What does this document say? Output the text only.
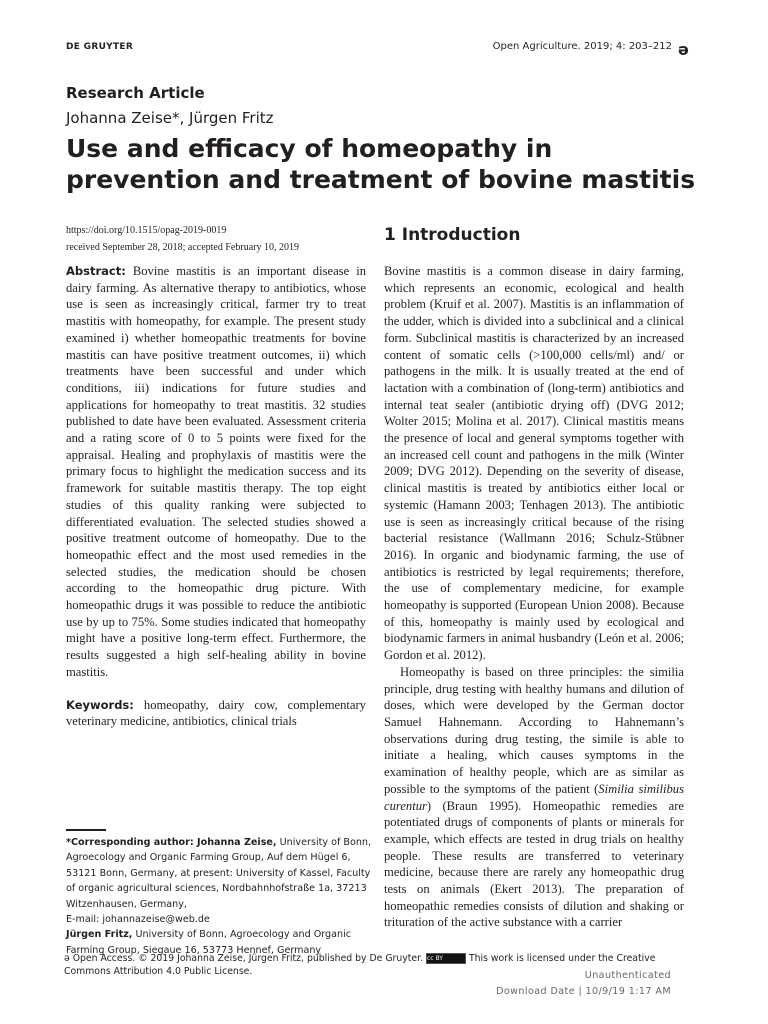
DE GRUYTER	Open Agriculture. 2019; 4: 203–212 ə
Research Article
Johanna Zeise*, Jürgen Fritz
Use and efficacy of homeopathy in prevention and treatment of bovine mastitis
https://doi.org/10.1515/opag-2019-0019
received September 28, 2018; accepted February 10, 2019

Abstract: Bovine mastitis is an important disease in dairy farming. As alternative therapy to antibiotics, whose use is seen as increasingly critical, farmer try to treat mastitis with homeopathy, for example. The present study examined i) whether homeopathic treatments for bovine mastitis can have positive treatment outcomes, ii) which treatments have been successful and under which conditions, iii) indications for future studies and applications for homeopathy to treat mastitis. 32 studies published to date have been evaluated. Assessment criteria and a rating score of 0 to 5 points were fixed for the appraisal. Healing and prophylaxis of mastitis were the primary focus to highlight the medication success and its framework for suitable mastitis therapy. The top eight studies of this quality ranking were subjected to differentiated evaluation. The selected studies showed a positive treatment outcome of homeopathy. Due to the homeopathic effect and the most used remedies in the selected studies, the medication should be chosen according to the homeopathic drug picture. With homeopathic drugs it was possible to reduce the antibiotic use by up to 75%. Some studies indicated that homeopathy might have a positive long-term effect. Furthermore, the results suggested a high self-healing ability in bovine mastitis.

Keywords: homeopathy, dairy cow, complementary veterinary medicine, antibiotics, clinical trials

*Corresponding author: Johanna Zeise, University of Bonn, Agroecology and Organic Farming Group, Auf dem Hügel 6, 53121 Bonn, Germany, at present: University of Kassel, Faculty of organic agricultural sciences, Nordbahnhofstraße 1a, 37213 Witzenhausen, Germany,
E-mail: johannazeise@web.de
Jürgen Fritz, University of Bonn, Agroecology and Organic Farming Group, Siegaue 16, 53773 Hennef, Germany
1 Introduction

Bovine mastitis is a common disease in dairy farming, which represents an economic, ecological and health problem (Kruif et al. 2007). Mastitis is an inflammation of the udder, which is divided into a subclinical and a clinical form. Subclinical mastitis is characterized by an increased content of somatic cells (>100,000 cells/ml) and/ or pathogens in the milk. It is usually treated at the end of lactation with a combination of (long-term) antibiotics and internal teat sealer (antibiotic drying off) (DVG 2012; Wolter 2015; Molina et al. 2017). Clinical mastitis means the presence of local and general symptoms together with an increased cell count and pathogens in the milk (Winter 2009; DVG 2012). Depending on the severity of disease, clinical mastitis is treated by antibiotics either local or systemic (Hamann 2003; Tenhagen 2013). The antibiotic use is seen as increasingly critical because of the rising bacterial resistance (Wallmann 2016; Schulz-Stübner 2016). In organic and biodynamic farming, the use of antibiotics is restricted by legal requirements; therefore, the use of complementary medicine, for example homeopathy is supported (European Union 2008). Because of this, homeopathy is mainly used by ecological and biodynamic farmers in animal husbandry (León et al. 2006; Gordon et al. 2012).

Homeopathy is based on three principles: the similia principle, drug testing with healthy humans and dilution of doses, which were developed by the German doctor Samuel Hahnemann. According to Hahnemann’s observations during drug testing, the simile is able to initiate a healing, which causes symptoms in the examination of healthy people, which are as similar as possible to the symptoms of the patient (Similia similibus curentur) (Braun 1995). Homeopathic remedies are potentiated drugs of components of plants or minerals for example, which effects are tested in drug trials on healthy people. These results are transferred to veterinary medicine, because there are rarely any homeopathic drug tests on animals (Ekert 2013). The preparation of homeopathic remedies consists of dilution and shaking or trituration of the active substance with a carrier

ə Open Access. © 2019 Johanna Zeise, Jürgen Fritz, published by De Gruyter. cc BY	This work is licensed under the Creative Commons Attribution 4.0 Public License.	Unauthenticated
Download Date | 10/9/19 1:17 AM
